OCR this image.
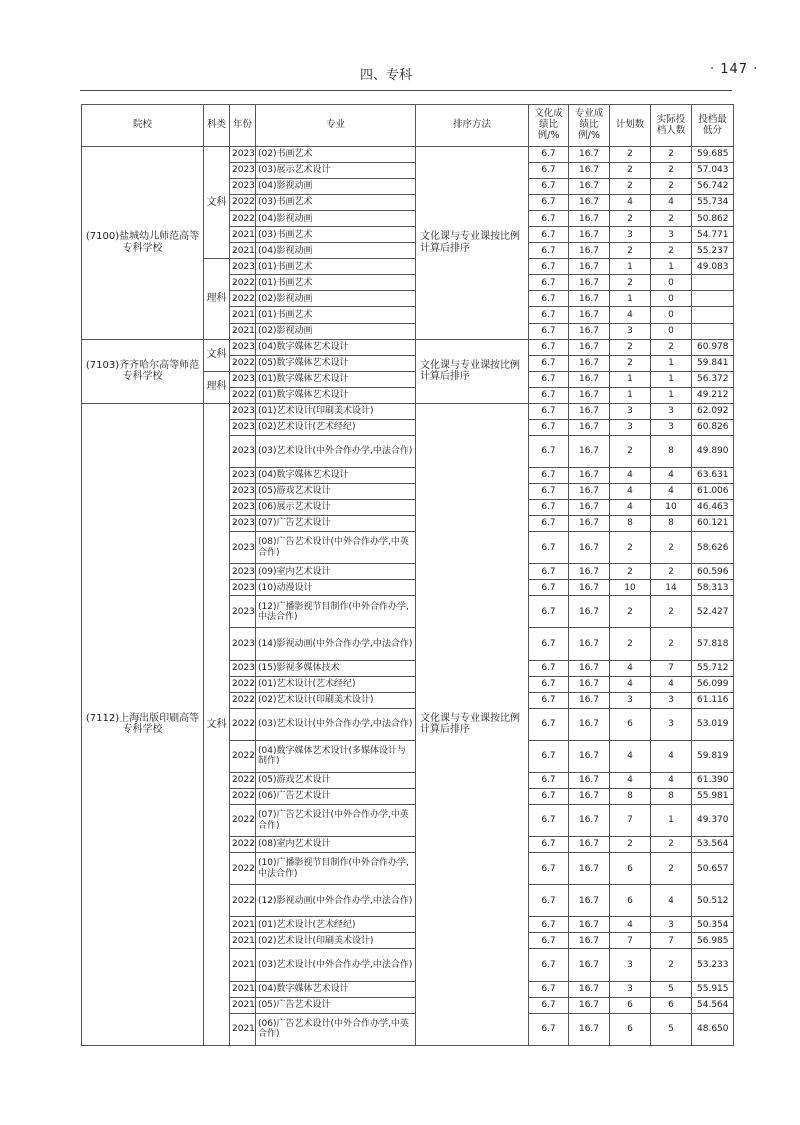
四、专科	· 147 ·
院校	科类	年份	专业	排序方法	文化成绩比例/%	专业成绩比例/%	计划数	实际投档人数	投档最低分
(7100)盐城幼儿师范高等专科学校	文科	2023	(02)书画艺术	文化课与专业课按比例计算后排序	6.7	16.7	2	2	59.685
		2023	(03)展示艺术设计		6.7	16.7	2	2	57.043
		2023	(04)影视动画		6.7	16.7	2	2	56.742
		2022	(03)书画艺术		6.7	16.7	4	4	55.734
		2022	(04)影视动画		6.7	16.7	2	2	50.862
		2021	(03)书画艺术		6.7	16.7	3	3	54.771
		2021	(04)影视动画		6.7	16.7	2	2	55.237
	理科	2023	(01)书画艺术		6.7	16.7	1	1	49.083
		2022	(01)书画艺术		6.7	16.7	2	0	
		2022	(02)影视动画		6.7	16.7	1	0	
		2021	(01)书画艺术		6.7	16.7	4	0	
		2021	(02)影视动画		6.7	16.7	3	0	
(7103)齐齐哈尔高等师范专科学校	文科	2023	(04)数字媒体艺术设计	文化课与专业课按比例计算后排序	6.7	16.7	2	2	60.978
		2022	(05)数字媒体艺术设计		6.7	16.7	2	1	59.841
	理科	2023	(01)数字媒体艺术设计		6.7	16.7	1	1	56.372
		2022	(01)数字媒体艺术设计		6.7	16.7	1	1	49.212
(7112)上海出版印刷高等专科学校	文科	2023	(01)艺术设计(印刷美术设计)	文化课与专业课按比例计算后排序	6.7	16.7	3	3	62.092
		2023	(02)艺术设计(艺术经纪)		6.7	16.7	3	3	60.826
		2023	(03)艺术设计(中外合作办学,中法合作)		6.7	16.7	2	8	49.890
		2023	(04)数字媒体艺术设计		6.7	16.7	4	4	63.631
		2023	(05)游戏艺术设计		6.7	16.7	4	4	61.006
		2023	(06)展示艺术设计		6.7	16.7	4	10	46.463
		2023	(07)广告艺术设计		6.7	16.7	8	8	60.121
		2023	(08)广告艺术设计(中外合作办学,中英合作)		6.7	16.7	2	2	58.626
		2023	(09)室内艺术设计		6.7	16.7	2	2	60.596
		2023	(10)动漫设计		6.7	16.7	10	14	58.313
		2023	(12)广播影视节目制作(中外合作办学,中法合作)		6.7	16.7	2	2	52.427
		2023	(14)影视动画(中外合作办学,中法合作)		6.7	16.7	2	2	57.818
		2023	(15)影视多媒体技术		6.7	16.7	4	7	55.712
		2022	(01)艺术设计(艺术经纪)		6.7	16.7	4	4	56.099
		2022	(02)艺术设计(印刷美术设计)		6.7	16.7	3	3	61.116
		2022	(03)艺术设计(中外合作办学,中法合作)		6.7	16.7	6	3	53.019
		2022	(04)数字媒体艺术设计(多媒体设计与制作)		6.7	16.7	4	4	59.819
		2022	(05)游戏艺术设计		6.7	16.7	4	4	61.390
		2022	(06)广告艺术设计		6.7	16.7	8	8	55.981
		2022	(07)广告艺术设计(中外合作办学,中英合作)		6.7	16.7	7	1	49.370
		2022	(08)室内艺术设计		6.7	16.7	2	2	53.564
		2022	(10)广播影视节目制作(中外合作办学,中法合作)		6.7	16.7	6	2	50.657
		2022	(12)影视动画(中外合作办学,中法合作)		6.7	16.7	6	4	50.512
		2021	(01)艺术设计(艺术经纪)		6.7	16.7	4	3	50.354
		2021	(02)艺术设计(印刷美术设计)		6.7	16.7	7	7	56.985
		2021	(03)艺术设计(中外合作办学,中法合作)		6.7	16.7	3	2	53.233
		2021	(04)数字媒体艺术设计		6.7	16.7	3	5	55.915
		2021	(05)广告艺术设计		6.7	16.7	6	6	54.564
		2021	(06)广告艺术设计(中外合作办学,中英合作)		6.7	16.7	6	5	48.650
